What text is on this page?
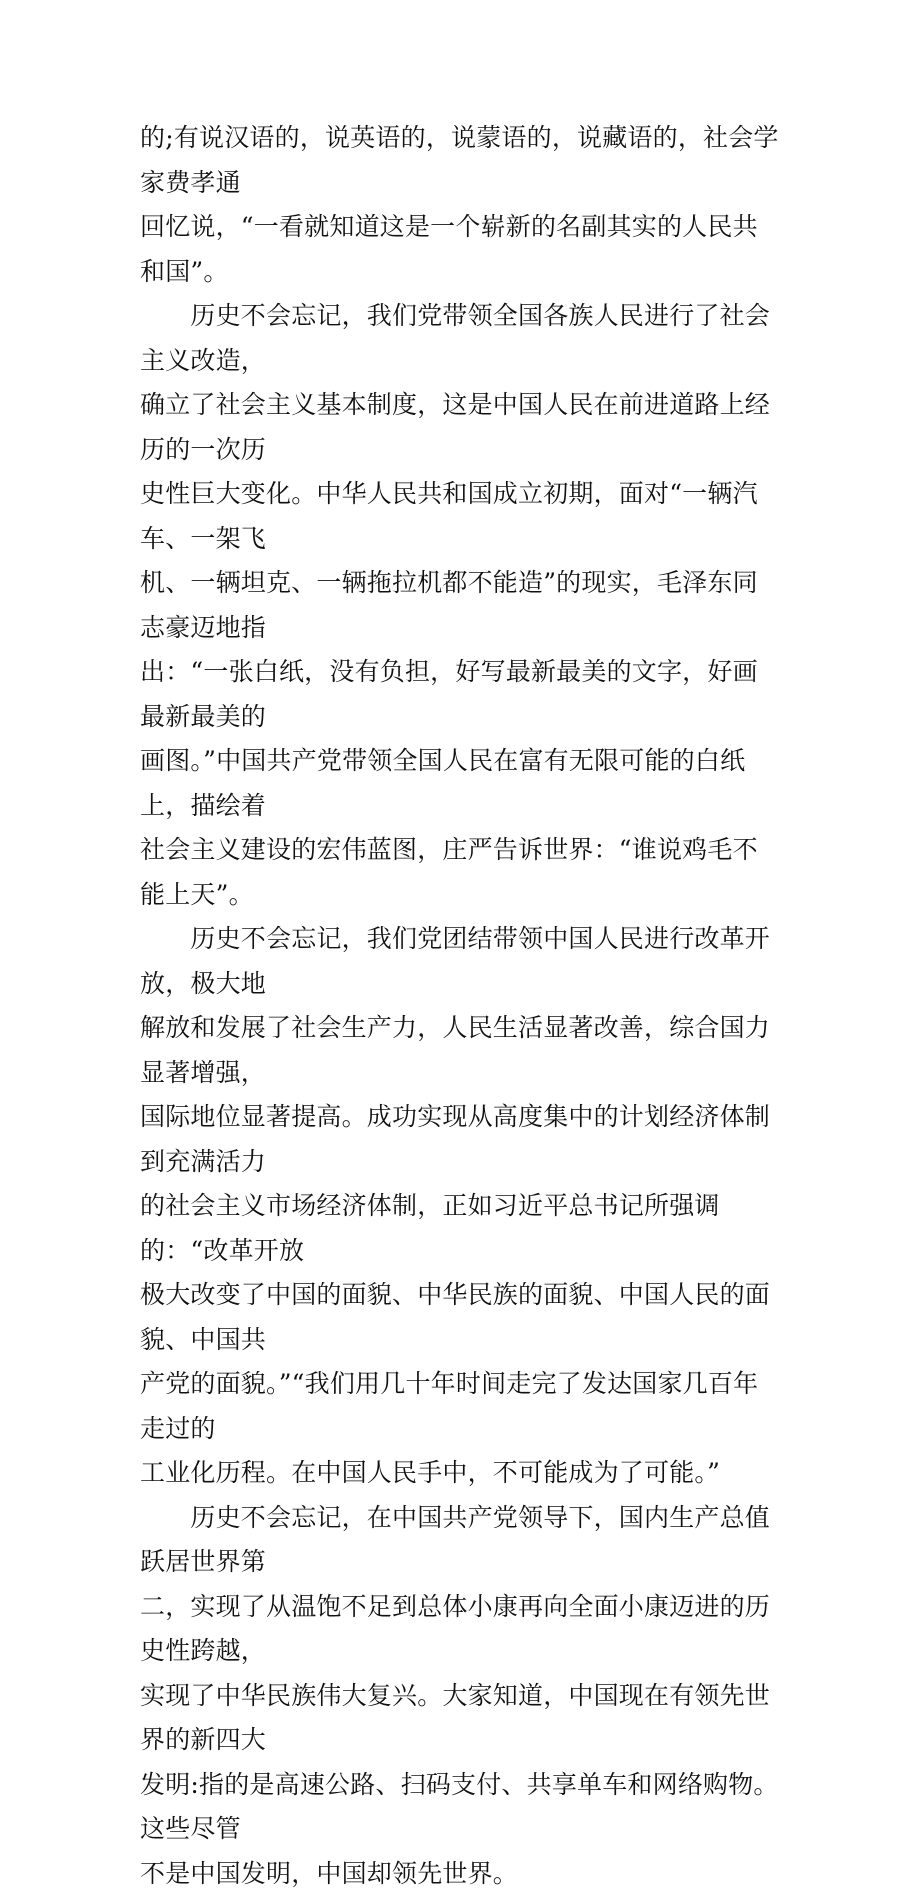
的;有说汉语的，说英语的，说蒙语的，说藏语的，社会学家费孝通
回忆说，“一看就知道这是一个崭新的名副其实的人民共和国”。
　　历史不会忘记，我们党带领全国各族人民进行了社会主义改造，
确立了社会主义基本制度，这是中国人民在前进道路上经历的一次历
史性巨大变化。中华人民共和国成立初期，面对“一辆汽车、一架飞
机、一辆坦克、一辆拖拉机都不能造”的现实，毛泽东同志豪迈地指
出：“一张白纸，没有负担，好写最新最美的文字，好画最新最美的
画图。”中国共产党带领全国人民在富有无限可能的白纸上，描绘着
社会主义建设的宏伟蓝图，庄严告诉世界：“谁说鸡毛不能上天”。
　　历史不会忘记，我们党团结带领中国人民进行改革开放，极大地
解放和发展了社会生产力，人民生活显著改善，综合国力显著增强，
国际地位显著提高。成功实现从高度集中的计划经济体制到充满活力
的社会主义市场经济体制，正如习近平总书记所强调的：“改革开放
极大改变了中国的面貌、中华民族的面貌、中国人民的面貌、中国共
产党的面貌。”“我们用几十年时间走完了发达国家几百年走过的
工业化历程。在中国人民手中，不可能成为了可能。”
　　历史不会忘记，在中国共产党领导下，国内生产总值跃居世界第
二，实现了从温饱不足到总体小康再向全面小康迈进的历史性跨越，
实现了中华民族伟大复兴。大家知道，中国现在有领先世界的新四大
发明:指的是高速公路、扫码支付、共享单车和网络购物。这些尽管
不是中国发明，中国却领先世界。
